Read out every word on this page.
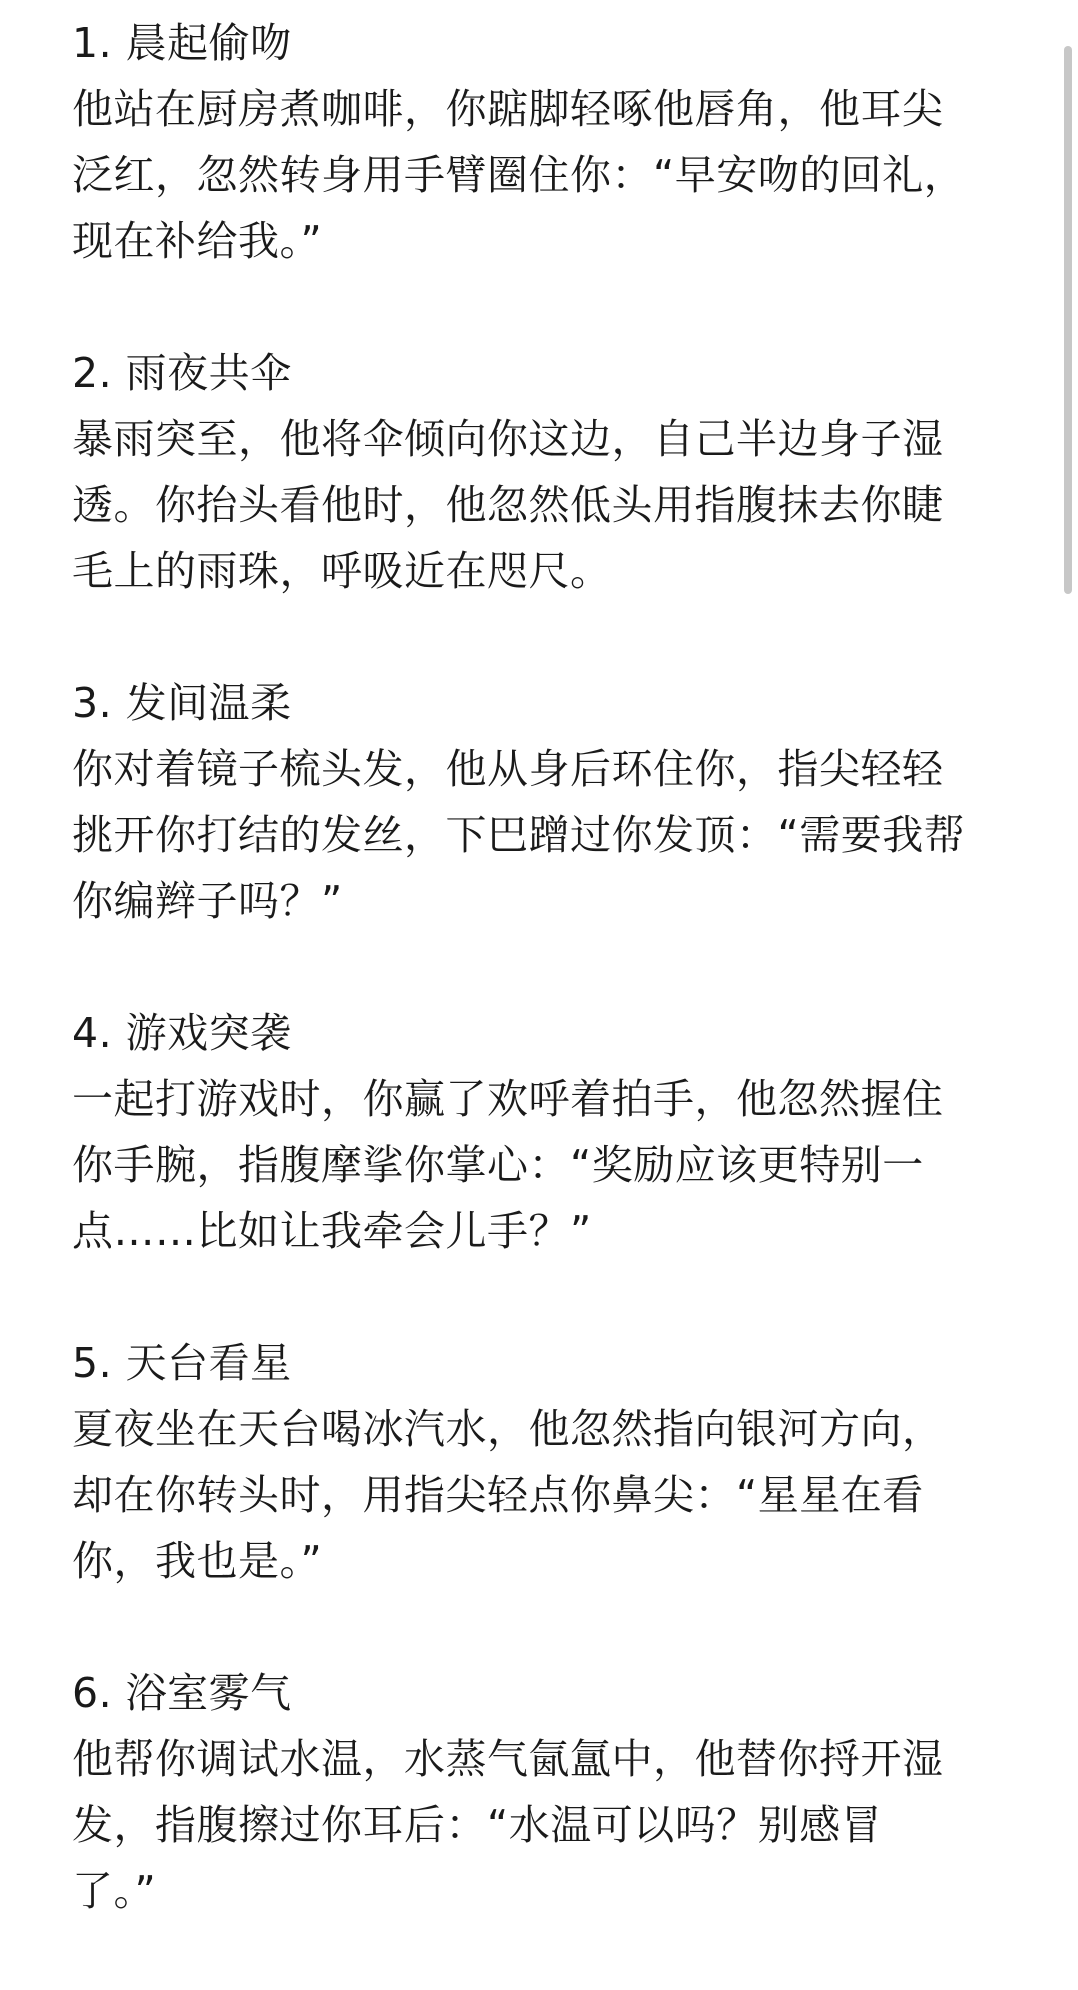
1. 晨起偷吻
他站在厨房煮咖啡，你踮脚轻啄他唇角，他耳尖
泛红，忽然转身用手臂圈住你：“早安吻的回礼，
现在补给我。”
2. 雨夜共伞
暴雨突至，他将伞倾向你这边，自己半边身子湿
透。你抬头看他时，他忽然低头用指腹抹去你睫
毛上的雨珠，呼吸近在咫尺。
3. 发间温柔
你对着镜子梳头发，他从身后环住你，指尖轻轻
挑开你打结的发丝，下巴蹭过你发顶：“需要我帮
你编辫子吗？”
4. 游戏突袭
一起打游戏时，你赢了欢呼着拍手，他忽然握住
你手腕，指腹摩挲你掌心：“奖励应该更特别一
点……比如让我牵会儿手？”
5. 天台看星
夏夜坐在天台喝冰汽水，他忽然指向银河方向，
却在你转头时，用指尖轻点你鼻尖：“星星在看
你，我也是。”
6. 浴室雾气
他帮你调试水温，水蒸气氤氲中，他替你捋开湿
发，指腹擦过你耳后：“水温可以吗？别感冒
了。”
